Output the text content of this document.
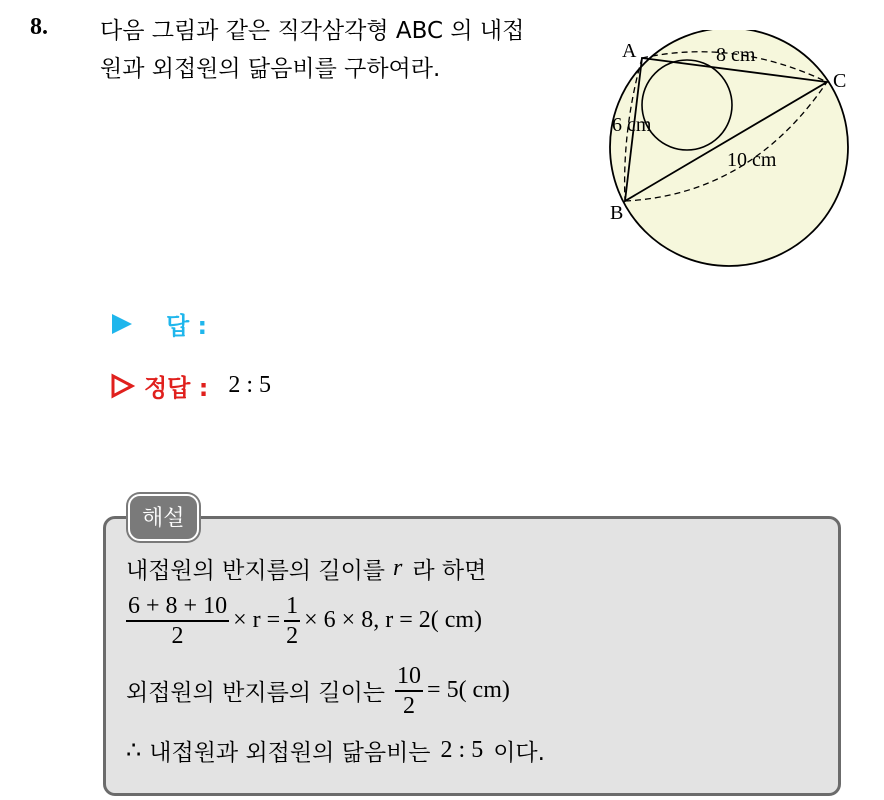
8. 다음 그림과 같은 직각삼각형 ABC 의 내접
원과 외접원의 닮음비를 구하여라.
A
B
C
8 cm
6 cm
10 cm
답 :
정답 : 2 : 5
해설
내접원의 반지름의 길이를 r 라 하면
$\frac{6 + 8 + 10}{2} \times r = \frac{1}{2} \times 6 \times 8$, r = 2( cm)
외접원의 반지름의 길이는 $\frac{10}{2} = 5$( cm)
∴ 내접원과 외접원의 닮음비는 2 : 5 이다.
